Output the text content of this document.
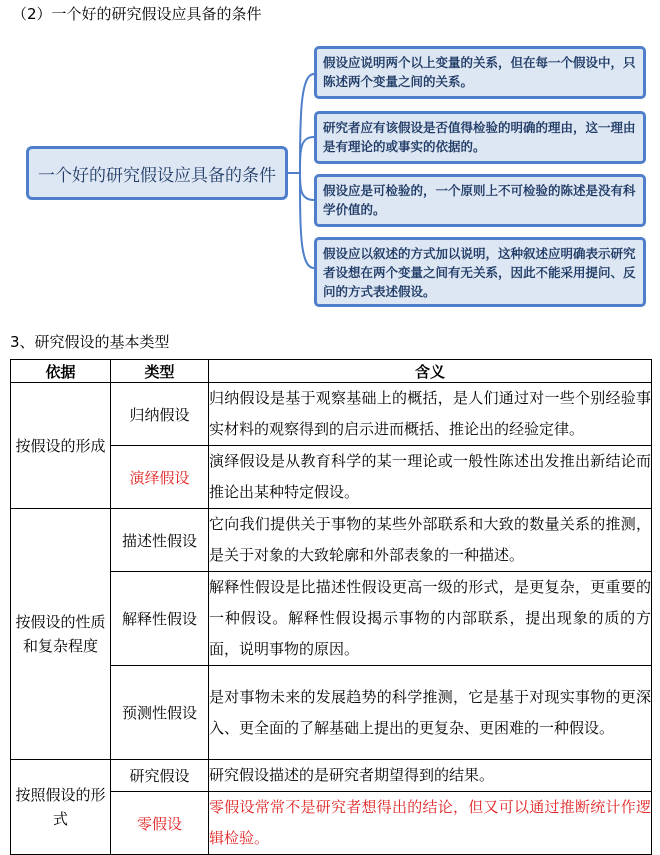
（2）一个好的研究假设应具备的条件
一个好的研究假设应具备的条件
假设应说明两个以上变量的关系，但在每一个假设中，只陈述两个变量之间的关系。
研究者应有该假设是否值得检验的明确的理由，这一理由是有理论的或事实的依据的。
假设应是可检验的，一个原则上不可检验的陈述是没有科学价值的。
假设应以叙述的方式加以说明，这种叙述应明确表示研究者设想在两个变量之间有无关系，因此不能采用提问、反问的方式表述假设。
3、研究假设的基本类型
依据	类型	含义
按假设的形成	归纳假设	归纳假设是基于观察基础上的概括，是人们通过对一些个别经验事实材料的观察得到的启示进而概括、推论出的经验定律。
	演绎假设	演绎假设是从教育科学的某一理论或一般性陈述出发推出新结论而推论出某种特定假设。
按假设的性质和复杂程度	描述性假设	它向我们提供关于事物的某些外部联系和大致的数量关系的推测，是关于对象的大致轮廓和外部表象的一种描述。
	解释性假设	解释性假设是比描述性假设更高一级的形式，是更复杂，更重要的一种假设。解释性假设揭示事物的内部联系，提出现象的质的方面，说明事物的原因。
	预测性假设	是对事物未来的发展趋势的科学推测，它是基于对现实事物的更深入、更全面的了解基础上提出的更复杂、更困难的一种假设。
按照假设的形式	研究假设	研究假设描述的是研究者期望得到的结果。
	零假设	零假设常常不是研究者想得出的结论，但又可以通过推断统计作逻辑检验。
